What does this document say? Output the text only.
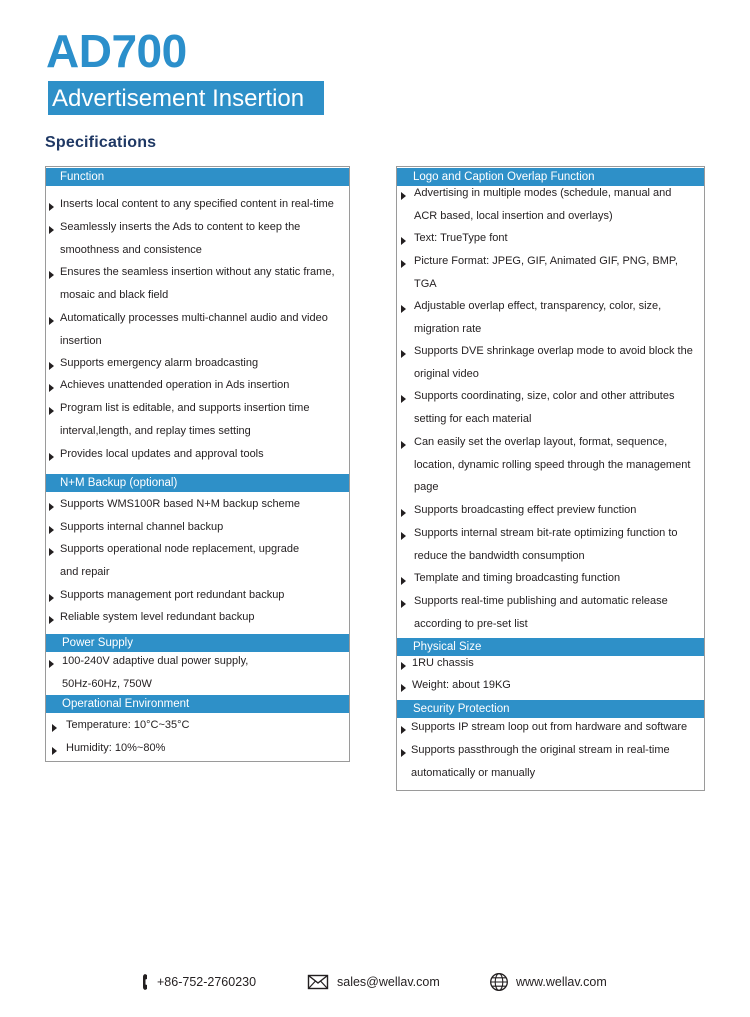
AD700
Advertisement Insertion
Specifications
Function
Inserts local content to any specified content in real-time
Seamlessly inserts the Ads to content to keep the
smoothness and consistence
Ensures the seamless insertion without any static frame,
mosaic and black field
Automatically processes multi-channel audio and video
insertion
Supports emergency alarm broadcasting
Achieves unattended operation in Ads insertion
Program list is editable, and supports insertion time
interval,length, and replay times setting
Provides local updates and approval tools
N+M Backup (optional)
Supports WMS100R based N+M backup scheme
Supports internal channel backup
Supports operational node replacement, upgrade
and repair
Supports management port redundant backup
Reliable system level redundant backup
Power Supply
100-240V adaptive dual power supply,
50Hz-60Hz, 750W
Operational Environment
Temperature: 10°C~35°C
Humidity: 10%~80%
Logo and Caption Overlap Function
Advertising in multiple modes (schedule, manual and
ACR based, local insertion and overlays)
Text: TrueType font
Picture Format: JPEG, GIF, Animated GIF, PNG, BMP,
TGA
Adjustable overlap effect, transparency, color, size,
migration rate
Supports DVE shrinkage overlap mode to avoid block the
original video
Supports coordinating, size, color and other attributes
setting for each material
Can easily set the overlap layout, format, sequence,
location, dynamic rolling speed through the management
page
Supports broadcasting effect preview function
Supports internal stream bit-rate optimizing function to
reduce the bandwidth consumption
Template and timing broadcasting function
Supports real-time publishing and automatic release
according to pre-set list
Physical Size
1RU chassis
Weight: about 19KG
Security Protection
Supports IP stream loop out from hardware and software
Supports passthrough the original stream in real-time
automatically or manually
+86-752-2760230	sales@wellav.com	www.wellav.com
